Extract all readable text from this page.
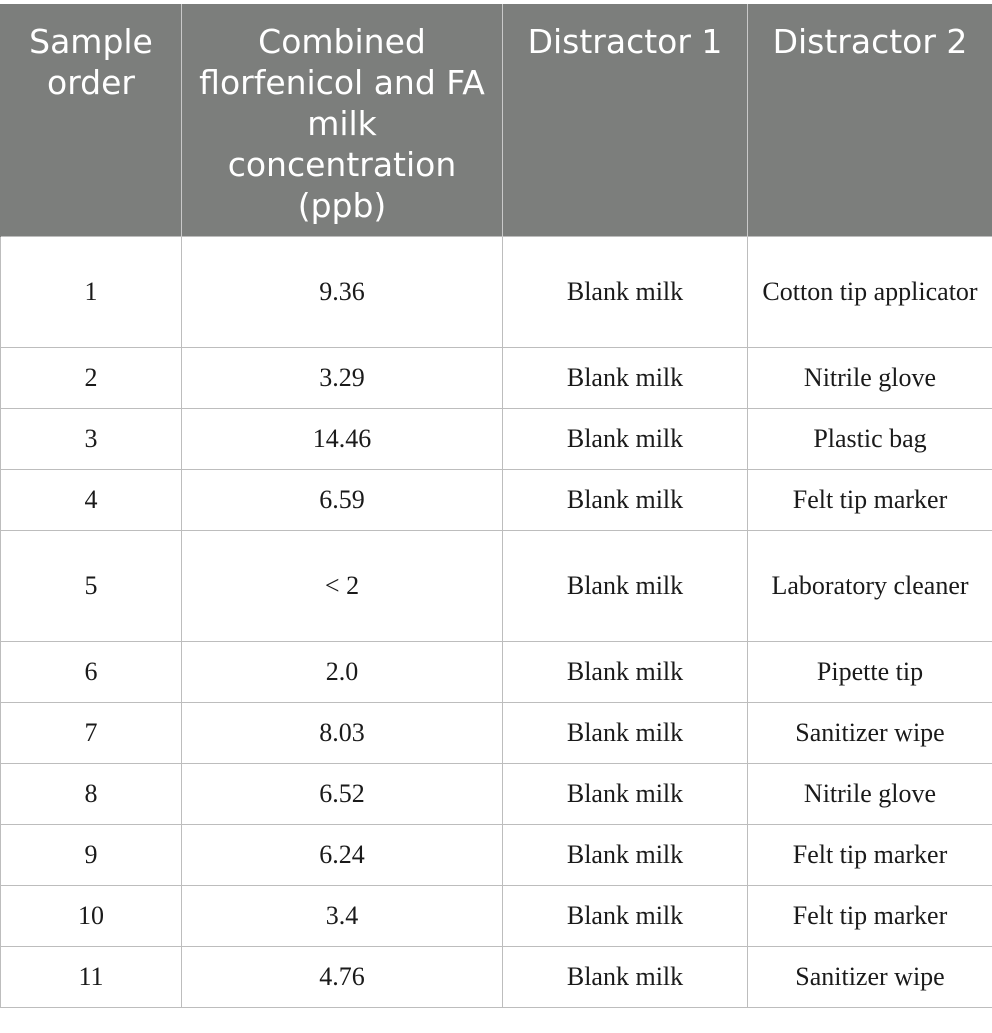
Sample order	Combined florfenicol and FA milk concentration (ppb)	Distractor 1	Distractor 2
1	9.36	Blank milk	Cotton tip applicator
2	3.29	Blank milk	Nitrile glove
3	14.46	Blank milk	Plastic bag
4	6.59	Blank milk	Felt tip marker
5	< 2	Blank milk	Laboratory cleaner
6	2.0	Blank milk	Pipette tip
7	8.03	Blank milk	Sanitizer wipe
8	6.52	Blank milk	Nitrile glove
9	6.24	Blank milk	Felt tip marker
10	3.4	Blank milk	Felt tip marker
11	4.76	Blank milk	Sanitizer wipe
